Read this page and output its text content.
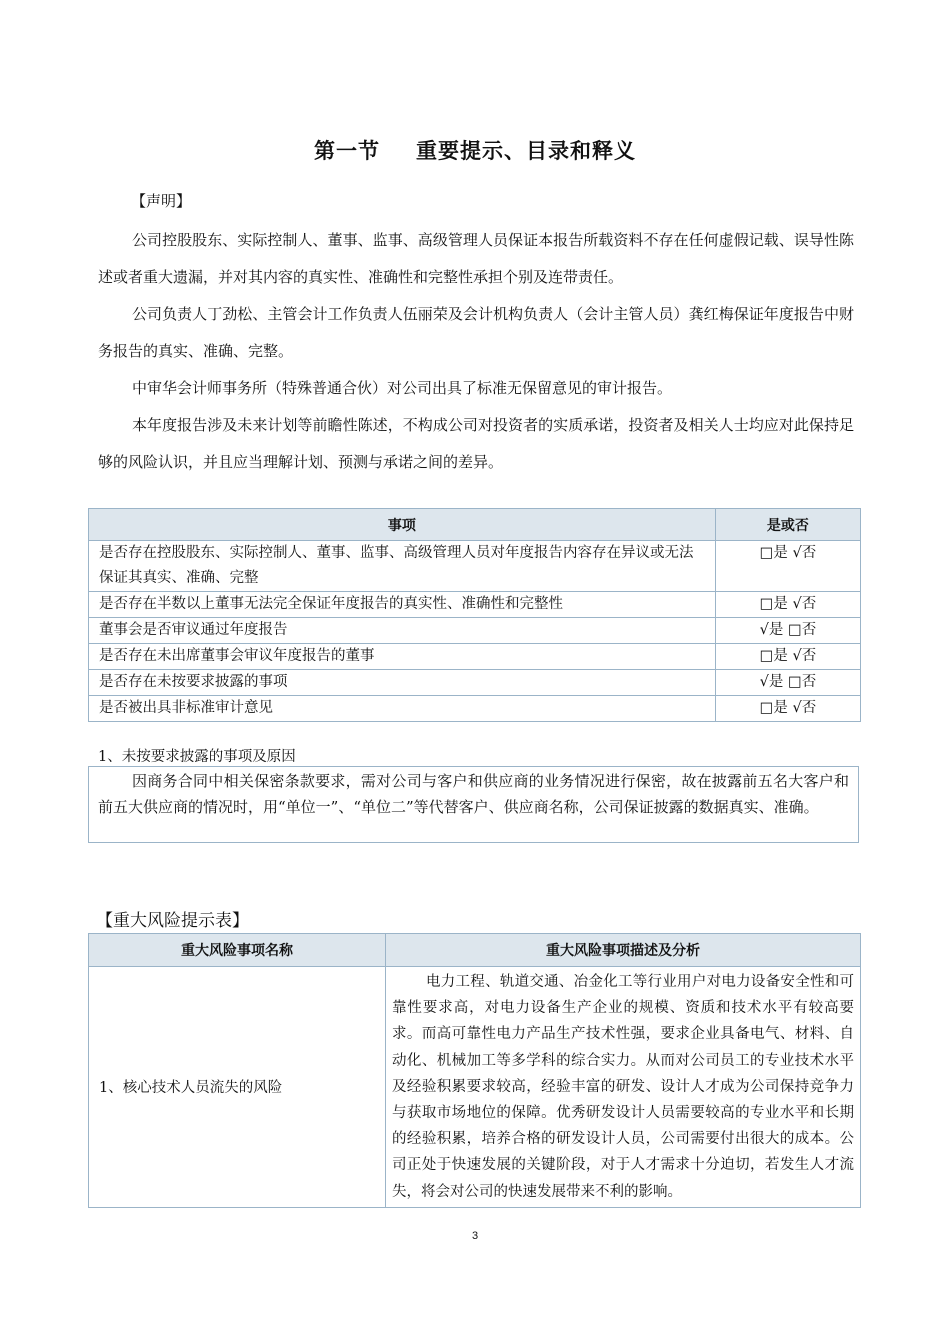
第一节 重要提示、目录和释义
【声明】

公司控股股东、实际控制人、董事、监事、高级管理人员保证本报告所载资料不存在任何虚假记载、误导性陈述或者重大遗漏，并对其内容的真实性、准确性和完整性承担个别及连带责任。

公司负责人丁劲松、主管会计工作负责人伍丽荣及会计机构负责人（会计主管人员）龚红梅保证年度报告中财务报告的真实、准确、完整。

中审华会计师事务所（特殊普通合伙）对公司出具了标准无保留意见的审计报告。

本年度报告涉及未来计划等前瞻性陈述，不构成公司对投资者的实质承诺，投资者及相关人士均应对此保持足够的风险认识，并且应当理解计划、预测与承诺之间的差异。

事项	是或否
是否存在控股股东、实际控制人、董事、监事、高级管理人员对年度报告内容存在异议或无法保证其真实、准确、完整	□是 √否
是否存在半数以上董事无法完全保证年度报告的真实性、准确性和完整性	□是 √否
董事会是否审议通过年度报告	√是 □否
是否存在未出席董事会审议年度报告的董事	□是 √否
是否存在未按要求披露的事项	√是 □否
是否被出具非标准审计意见	□是 √否
1、未按要求披露的事项及原因
因商务合同中相关保密条款要求，需对公司与客户和供应商的业务情况进行保密，故在披露前五名大客户和前五大供应商的情况时，用“单位一”、“单位二”等代替客户、供应商名称，公司保证披露的数据真实、准确。
【重大风险提示表】
重大风险事项名称	重大风险事项描述及分析
1、核心技术人员流失的风险	电力工程、轨道交通、冶金化工等行业用户对电力设备安全性和可靠性要求高，对电力设备生产企业的规模、资质和技术水平有较高要求。而高可靠性电力产品生产技术性强，要求企业具备电气、材料、自动化、机械加工等多学科的综合实力。从而对公司员工的专业技术水平及经验积累要求较高，经验丰富的研发、设计人才成为公司保持竞争力与获取市场地位的保障。优秀研发设计人员需要较高的专业水平和长期的经验积累，培养合格的研发设计人员，公司需要付出很大的成本。公司正处于快速发展的关键阶段，对于人才需求十分迫切，若发生人才流失，将会对公司的快速发展带来不利的影响。
3
